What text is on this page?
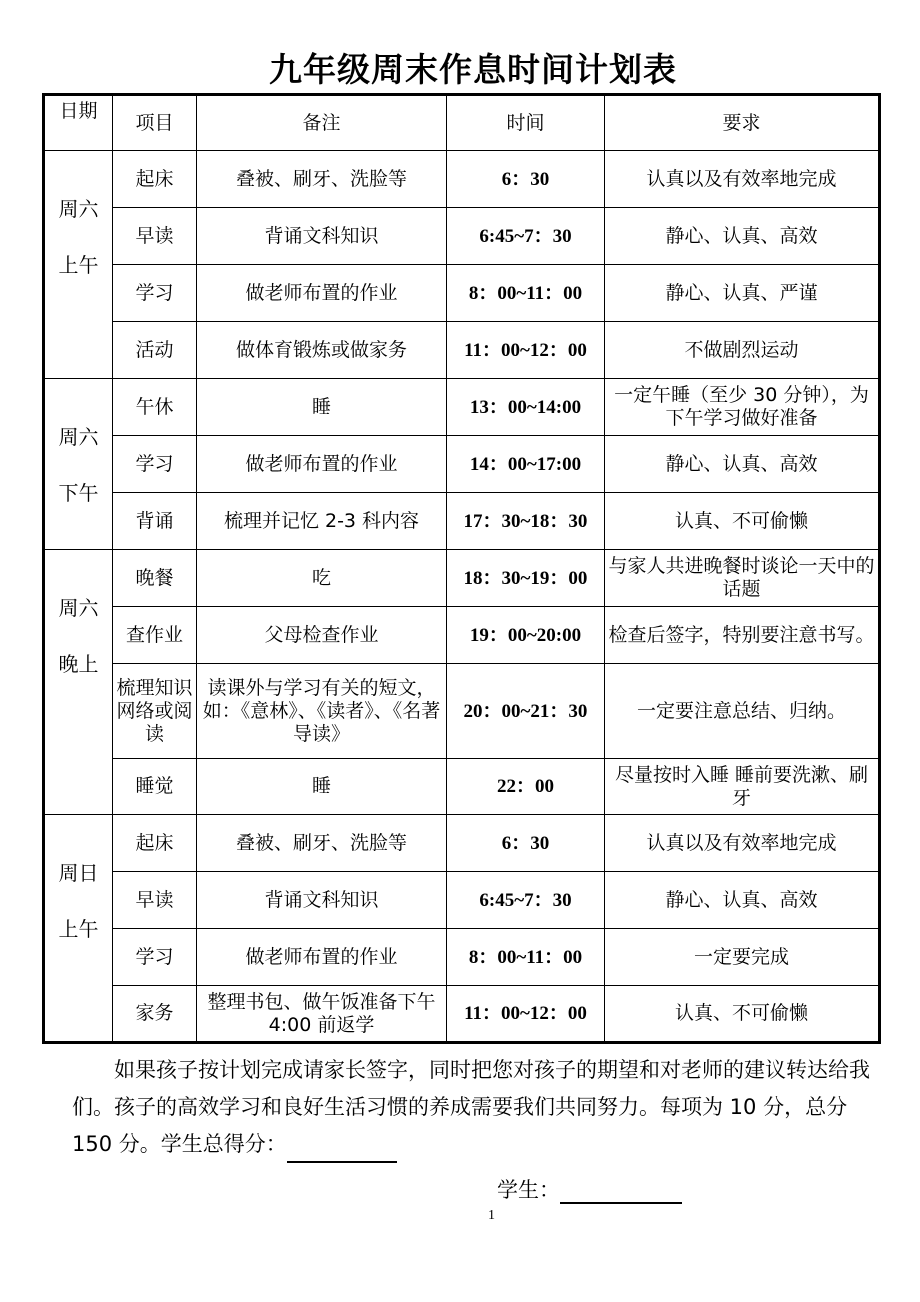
九年级周末作息时间计划表
日期	项目	备注	时间	要求

周六
上午	起床	叠被、刷牙、洗脸等	6：30	认真以及有效率地完成
	早读	背诵文科知识	6:45~7：30	静心、认真、高效
	学习	做老师布置的作业	8：00~11：00	静心、认真、严谨
	活动	做体育锻炼或做家务	11：00~12：00	不做剧烈运动

周六
下午	午休	睡	13：00~14:00	一定午睡（至少 30 分钟），为下午学习做好准备
	学习	做老师布置的作业	14：00~17:00	静心、认真、高效
	背诵	梳理并记忆 2-3 科内容	17：30~18：30	认真、不可偷懒

周六
晚上	晚餐	吃	18：30~19：00	与家人共进晚餐时谈论一天中的话题
	查作业	父母检查作业	19：00~20:00	检查后签字，特别要注意书写。
	梳理知识网络或阅读	读课外与学习有关的短文，如：《意林》、《读者》、《名著导读》	20：00~21：30	一定要注意总结、归纳。
	睡觉	睡	22：00	尽量按时入睡 睡前要洗漱、刷牙

周日
上午	起床	叠被、刷牙、洗脸等	6：30	认真以及有效率地完成
	早读	背诵文科知识	6:45~7：30	静心、认真、高效
	学习	做老师布置的作业	8：00~11：00	一定要完成
	家务	整理书包、做午饭准备下午 4:00 前返学	11：00~12：00	认真、不可偷懒
如果孩子按计划完成请家长签字，同时把您对孩子的期望和对老师的建议转达给我们。孩子的高效学习和良好生活习惯的养成需要我们共同努力。每项为 10 分，总分 150 分。学生总得分：
学生：
1
